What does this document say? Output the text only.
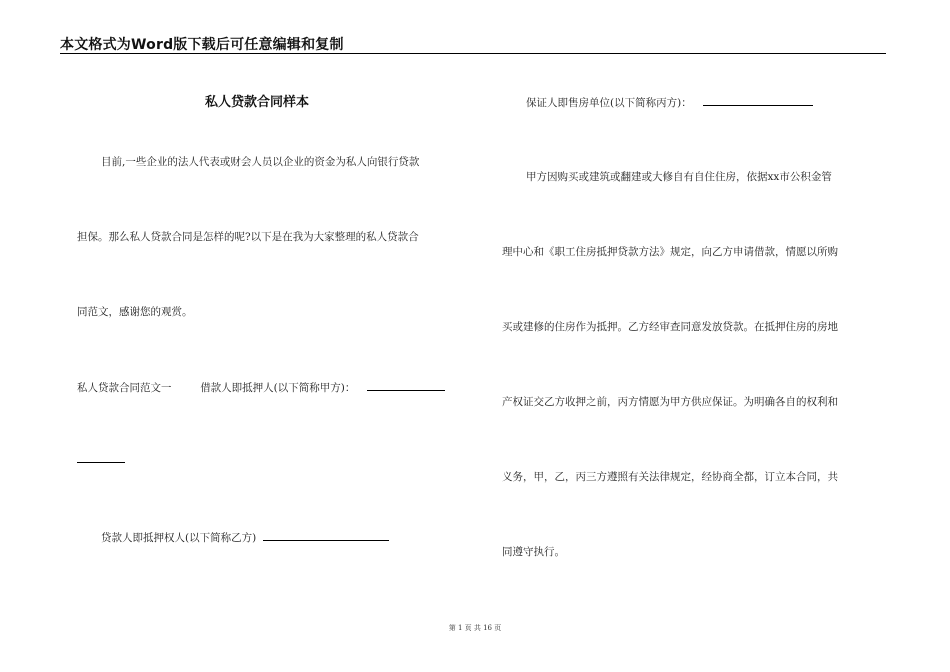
本文格式为Word版下载后可任意编辑和复制
私人贷款合同样本
目前,一些企业的法人代表或财会人员以企业的资金为私人向银行贷款
担保。那么私人贷款合同是怎样的呢?以下是在我为大家整理的私人贷款合
同范文，感谢您的观赏。
私人贷款合同范文一	借款人即抵押人(以下简称甲方)：
贷款人即抵押权人(以下简称乙方)
保证人即售房单位(以下简称丙方)：
甲方因购买或建筑或翻建或大修自有自住住房，依据xx市公积金管
理中心和《职工住房抵押贷款方法》规定，向乙方申请借款，情愿以所购
买或建修的住房作为抵押。乙方经审查同意发放贷款。在抵押住房的房地
产权证交乙方收押之前，丙方情愿为甲方供应保证。为明确各自的权利和
义务，甲，乙，丙三方遵照有关法律规定，经协商全都，订立本合同，共
同遵守执行。
第 1 页 共 16 页
